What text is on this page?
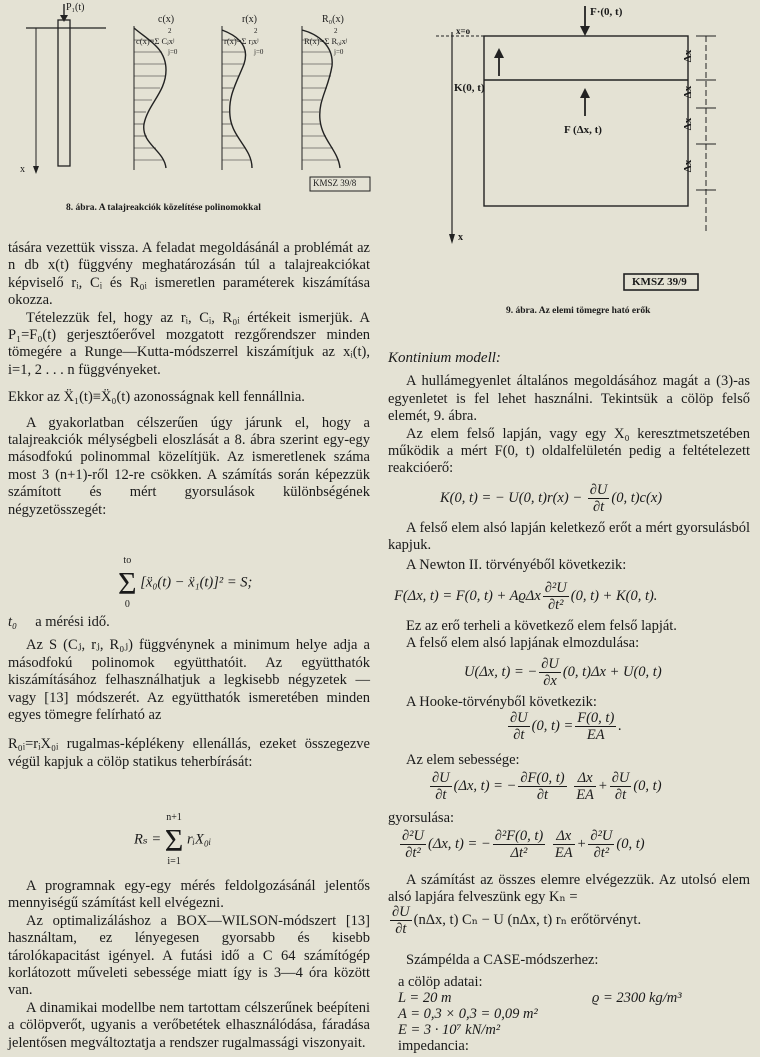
P₁(t)
x
c(x)	r(x)	R₀(x)
c(x)=Σ Cⱼxʲ	r(x)=Σ rⱼxʲ	R(x)=Σ R₀ⱼxʲ
j=0	j=0	j=0
2	2	2
KMSZ 39/8
8. ábra. A talajreakciók közelítése polinomokkal

tására vezettük vissza. A feladat megoldásánál a problémát az n db x(t) függvény meghatározásán túl a talajreakciókat képviselő rᵢ, Cᵢ és R₀ᵢ ismeretlen paraméterek kiszámítása okozza.

Tételezzük fel, hogy az rᵢ, Cᵢ, R₀ᵢ értékeit ismerjük. A P₁=F₀(t) gerjesztőerővel mozgatott rezgőrendszer minden tömegére a Runge—Kutta-módszerrel kiszámítjuk az xᵢ(t), i=1, 2 . . . n függvényeket.

Ekkor az Ẍ₁(t)≡Ẍ₀(t) azonosságnak kell fennállnia.

A gyakorlatban célszerűen úgy járunk el, hogy a talajreakciók mélységbeli eloszlását a 8. ábra szerint egy-egy másodfokú polinommal közelítjük. Az ismeretlenek száma most 3 (n+1)-ről 12-re csökken. A számítás során képezzük számított és mért gyorsulások különbségének négyzetösszegét:

to
Σ
0
[ẍ₀(t) − ẍ₁(t)]² = S;

t₀ a mérési idő.

Az S (Cⱼ, rⱼ, R₀ⱼ) függvénynek a minimum helye adja a másodfokú polinomok együtthatóit. Az együtthatók kiszámításához felhasználhatjuk a legkisebb négyzetek — vagy [13] módszerét. Az együtthatók ismeretében minden egyes tömegre felírható az

R₀ᵢ=rᵢX₀ᵢ rugalmas-képlékeny ellenállás, ezeket összegezve végül kapjuk a cölöp statikus teherbírását:

Rₛ =
n+1
Σ
i=1
rᵢX₀ᵢ

A programnak egy-egy mérés feldolgozásánál jelentős mennyiségű számítást kell elvégezni.

Az optimalizáláshoz a BOX—WILSON-módszert [13] használtam, ez lényegesen gyorsabb és kisebb tárolókapacitást igényel. A futási idő a C 64 számítógép korlátozott műveleti sebessége miatt így is 3—4 óra között van.

A dinamikai modellbe nem tartottam célszerűnek beépíteni a cölöpverőt, ugyanis a verőbetétek elhasználódása, fáradása jelentősen megváltoztatja a rendszer rugalmassági viszonyait.

F·(0, t)
x=o
K(0, t)
F (Δx, t)
Δx
Δx
Δx
Δx
x
KMSZ 39/9
9. ábra. Az elemi tömegre ható erők

Kontinium modell:

A hullámegyenlet általános megoldásához magát a (3)-as egyenletet is fel lehet használni. Tekintsük a cölöp felső elemét, 9. ábra.

Az elem felső lapján, vagy egy X₀ keresztmetszetében működik a mért F(0, t) oldalfelületén pedig a feltételezett reakcióerő:

K(0, t) = − U(0, $t)r(x) - \frac{\partial U}{\partial t} (0$, t)c(x)

A felső elem alsó lapján keletkező erőt a mért gyorsulásból kapjuk.

A Newton II. törvényéből következik:

F(Δx, t) = F(0, t) + AϱΔx $\frac{\text{∂²U}}{\text{∂t²}} (0$, t) + K(0, t).

Ez az erő terheli a következő elem felső lapját.

A felső elem alsó lapjának elmozdulása:

U(Δx, t) = − $\frac{\partial U}{\partial x} (0$, t)Δx + U(0, t)

A Hooke-törvényből következik:

$\frac{\partial U}{\partial t} (0$, $t) = \frac{F(0, t)}{EA}$ .

Az elem sebessége:

$\frac{\partial U}{\partial t} (\Delta x$, t) = − $\frac{\partial F(0, t)}{\partial t}$
$\frac{\Delta x}{EA} + \frac{\partial U}{\partial t} (0$, t)

gyorsulása:

$\frac{\text{∂²U}}{\text{∂t²}} (\Delta x$, t) = − $\frac{\text{∂²F(0, t)}}{\text{Δt²}}$
$\frac{\Delta x}{EA} + \frac{\text{∂²U}}{\text{∂t²}} (0$, t)

A számítást az összes elemre elvégezzük. Az utolsó elem alsó lapjára felveszünk egy Kₙ =

$\frac{\partial U}{\partial t} (n\Delta x$, t) Cₙ − U (nΔx, t) rₙ erőtörvényt.

Számpélda a CASE-módszerhez:

a cölöp adatai:
L = 20 m	ϱ = 2300 kg/m³
A = 0,3 × 0,3 = 0,09 m²
E = 3 · 10⁷ kN/m²
impedancia:
